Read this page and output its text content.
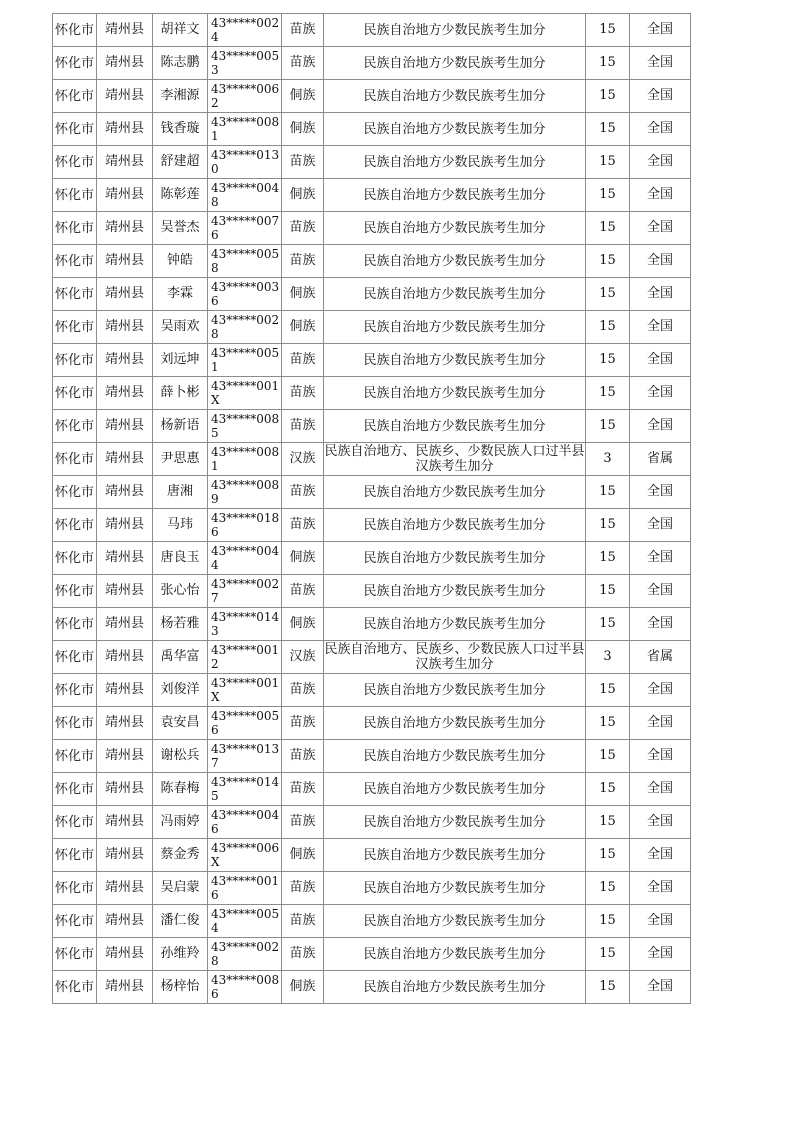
怀化市	靖州县	胡祥文	43*****0024	苗族	民族自治地方少数民族考生加分	15	全国
怀化市	靖州县	陈志鹏	43*****0053	苗族	民族自治地方少数民族考生加分	15	全国
怀化市	靖州县	李湘源	43*****0062	侗族	民族自治地方少数民族考生加分	15	全国
怀化市	靖州县	钱香璇	43*****0081	侗族	民族自治地方少数民族考生加分	15	全国
怀化市	靖州县	舒建超	43*****0130	苗族	民族自治地方少数民族考生加分	15	全国
怀化市	靖州县	陈彰莲	43*****0048	侗族	民族自治地方少数民族考生加分	15	全国
怀化市	靖州县	吴誉杰	43*****0076	苗族	民族自治地方少数民族考生加分	15	全国
怀化市	靖州县	钟皓	43*****0058	苗族	民族自治地方少数民族考生加分	15	全国
怀化市	靖州县	李霖	43*****0036	侗族	民族自治地方少数民族考生加分	15	全国
怀化市	靖州县	吴雨欢	43*****0028	侗族	民族自治地方少数民族考生加分	15	全国
怀化市	靖州县	刘远坤	43*****0051	苗族	民族自治地方少数民族考生加分	15	全国
怀化市	靖州县	薛卜彬	43*****001X	苗族	民族自治地方少数民族考生加分	15	全国
怀化市	靖州县	杨新语	43*****0085	苗族	民族自治地方少数民族考生加分	15	全国
怀化市	靖州县	尹思惠	43*****0081	汉族	民族自治地方、民族乡、少数民族人口过半县汉族考生加分	3	省属
怀化市	靖州县	唐湘	43*****0089	苗族	民族自治地方少数民族考生加分	15	全国
怀化市	靖州县	马玮	43*****0186	苗族	民族自治地方少数民族考生加分	15	全国
怀化市	靖州县	唐良玉	43*****0044	侗族	民族自治地方少数民族考生加分	15	全国
怀化市	靖州县	张心怡	43*****0027	苗族	民族自治地方少数民族考生加分	15	全国
怀化市	靖州县	杨若雅	43*****0143	侗族	民族自治地方少数民族考生加分	15	全国
怀化市	靖州县	禹华富	43*****0012	汉族	民族自治地方、民族乡、少数民族人口过半县汉族考生加分	3	省属
怀化市	靖州县	刘俊洋	43*****001X	苗族	民族自治地方少数民族考生加分	15	全国
怀化市	靖州县	袁安昌	43*****0056	苗族	民族自治地方少数民族考生加分	15	全国
怀化市	靖州县	谢松兵	43*****0137	苗族	民族自治地方少数民族考生加分	15	全国
怀化市	靖州县	陈春梅	43*****0145	苗族	民族自治地方少数民族考生加分	15	全国
怀化市	靖州县	冯雨婷	43*****0046	苗族	民族自治地方少数民族考生加分	15	全国
怀化市	靖州县	蔡金秀	43*****006X	侗族	民族自治地方少数民族考生加分	15	全国
怀化市	靖州县	吴启蒙	43*****0016	苗族	民族自治地方少数民族考生加分	15	全国
怀化市	靖州县	潘仁俊	43*****0054	苗族	民族自治地方少数民族考生加分	15	全国
怀化市	靖州县	孙维羚	43*****0028	苗族	民族自治地方少数民族考生加分	15	全国
怀化市	靖州县	杨梓怡	43*****0086	侗族	民族自治地方少数民族考生加分	15	全国
